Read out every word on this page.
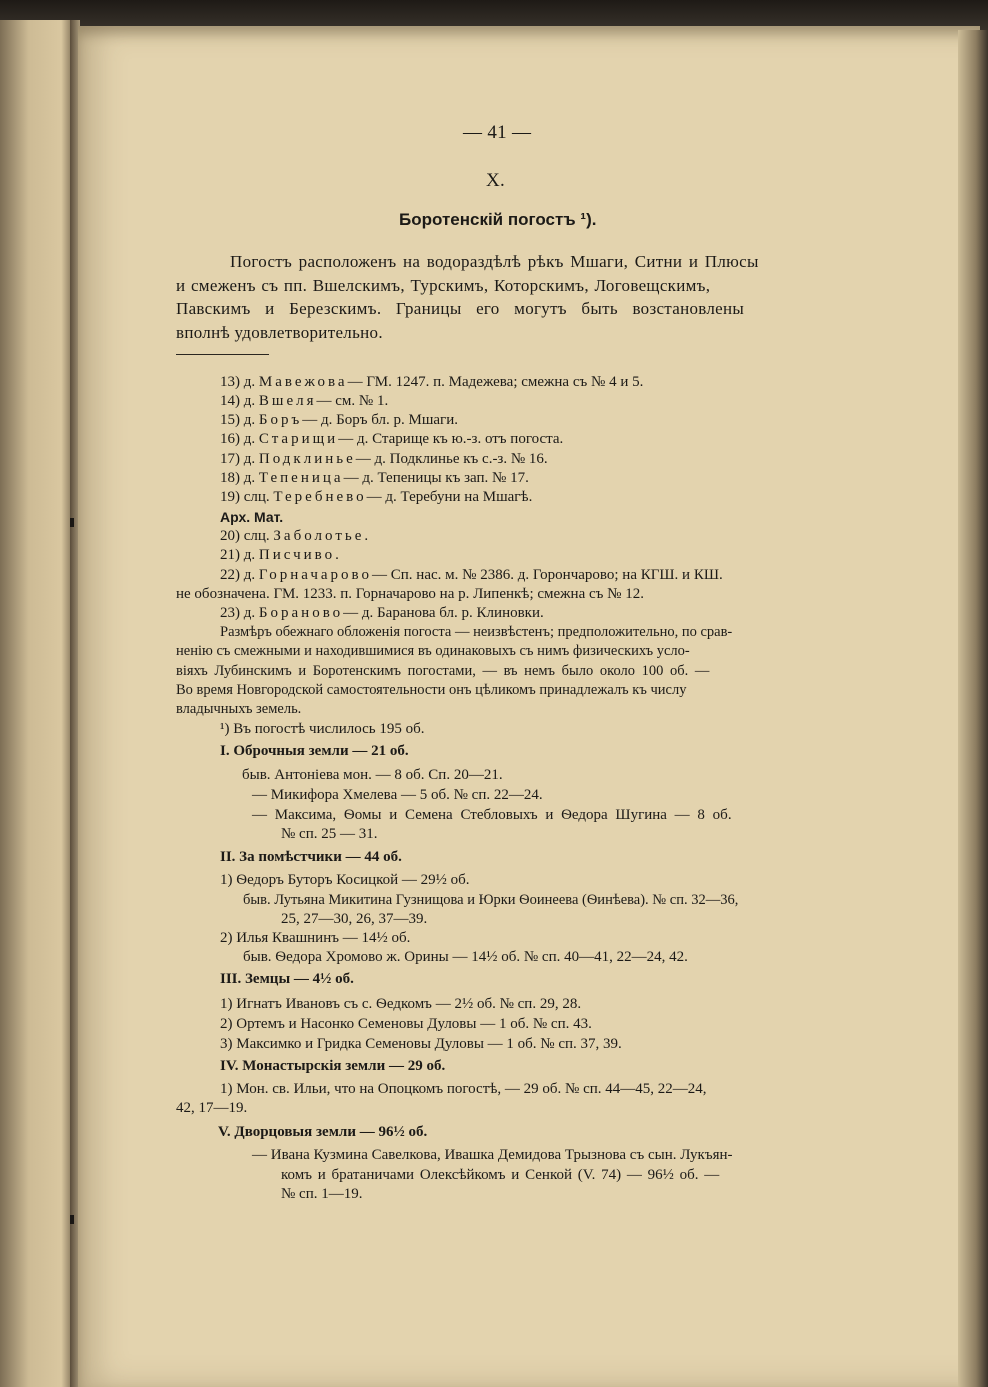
— 41 —
X.
Боротенскій погостъ ¹).
Погостъ расположенъ на водораздѣлѣ рѣкъ Мшаги, Ситни и Плюсы
и смеженъ съ пп. Вшелскимъ, Турскимъ, Которскимъ, Логовещскимъ,
Павскимъ и Березскимъ. Границы его могутъ быть возстановлены
вполнѣ удовлетворительно.
13) д. Мавежова— ГМ. 1247. п. Мадежева; смежна съ № 4 и 5.
14) д. Вшеля— см. № 1.
15) д. Боръ— д. Боръ бл. р. Мшаги.
16) д. Старищи— д. Старище къ ю.-з. отъ погоста.
17) д. Подклинье— д. Подклинье къ с.-з. № 16.
18) д. Тепеница— д. Тепеницы къ зап. № 17.
19) слц. Теребнево— д. Теребуни на Мшагѣ.
Арх. Мат.
20) слц. Заболотье.
21) д. Писчиво.
22) д. Горначарово— Сп. нас. м. № 2386. д. Горончарово; на КГШ. и КШ.
не обозначена. ГМ. 1233. п. Горначарово на р. Липенкѣ; смежна съ № 12.
23) д. Бораново— д. Баранова бл. р. Клиновки.
Размѣръ обежнаго обложенія погоста — неизвѣстенъ; предположительно, по срав-
ненію съ смежными и находившимися въ одинаковыхъ съ нимъ физическихъ усло-
віяхъ Лубинскимъ и Боротенскимъ погостами, — въ немъ было около 100 об. —
Во время Новгородской самостоятельности онъ цѣликомъ принадлежалъ къ числу
владычныхъ земель.
¹) Въ погостѣ числилось 195 об.
I. Оброчныя земли — 21 об.
быв. Антонiева мон. — 8 об. Сп. 20—21.
— Микифора Хмелева — 5 об. № сп. 22—24.
— Максима, Ѳомы и Семена Стебловыхъ и Ѳедора Шугина — 8 об.
№ сп. 25 — 31.
II. За помѣстчики — 44 об.
1) Ѳедоръ Буторъ Косицкой — 29½ об.
быв. Лутьяна Микитина Гузнищова и Юрки Ѳоинеева (Ѳинѣева). № сп. 32—36,
25, 27—30, 26, 37—39.
2) Илья Квашнинъ — 14½ об.
быв. Ѳедора Хромово ж. Орины — 14½ об. № сп. 40—41, 22—24, 42.
III. Земцы — 4½ об.
1) Игнатъ Ивановъ съ с. Ѳедкомъ — 2½ об. № сп. 29, 28.
2) Ортемъ и Насонко Семеновы Дуловы — 1 об. № сп. 43.
3) Максимко и Гридка Семеновы Дуловы — 1 об. № сп. 37, 39.
IV. Монастырскія земли — 29 об.
1) Мон. св. Ильи, что на Опоцкомъ погостѣ, — 29 об. № сп. 44—45, 22—24,
42, 17—19.
V. Дворцовыя земли — 96½ об.
— Ивана Кузмина Савелкова, Ивашка Демидова Трызнова съ сын. Лукъян-
комъ и братаничами Олексѣйкомъ и Сенкой (V. 74) — 96½ об. —
№ сп. 1—19.
